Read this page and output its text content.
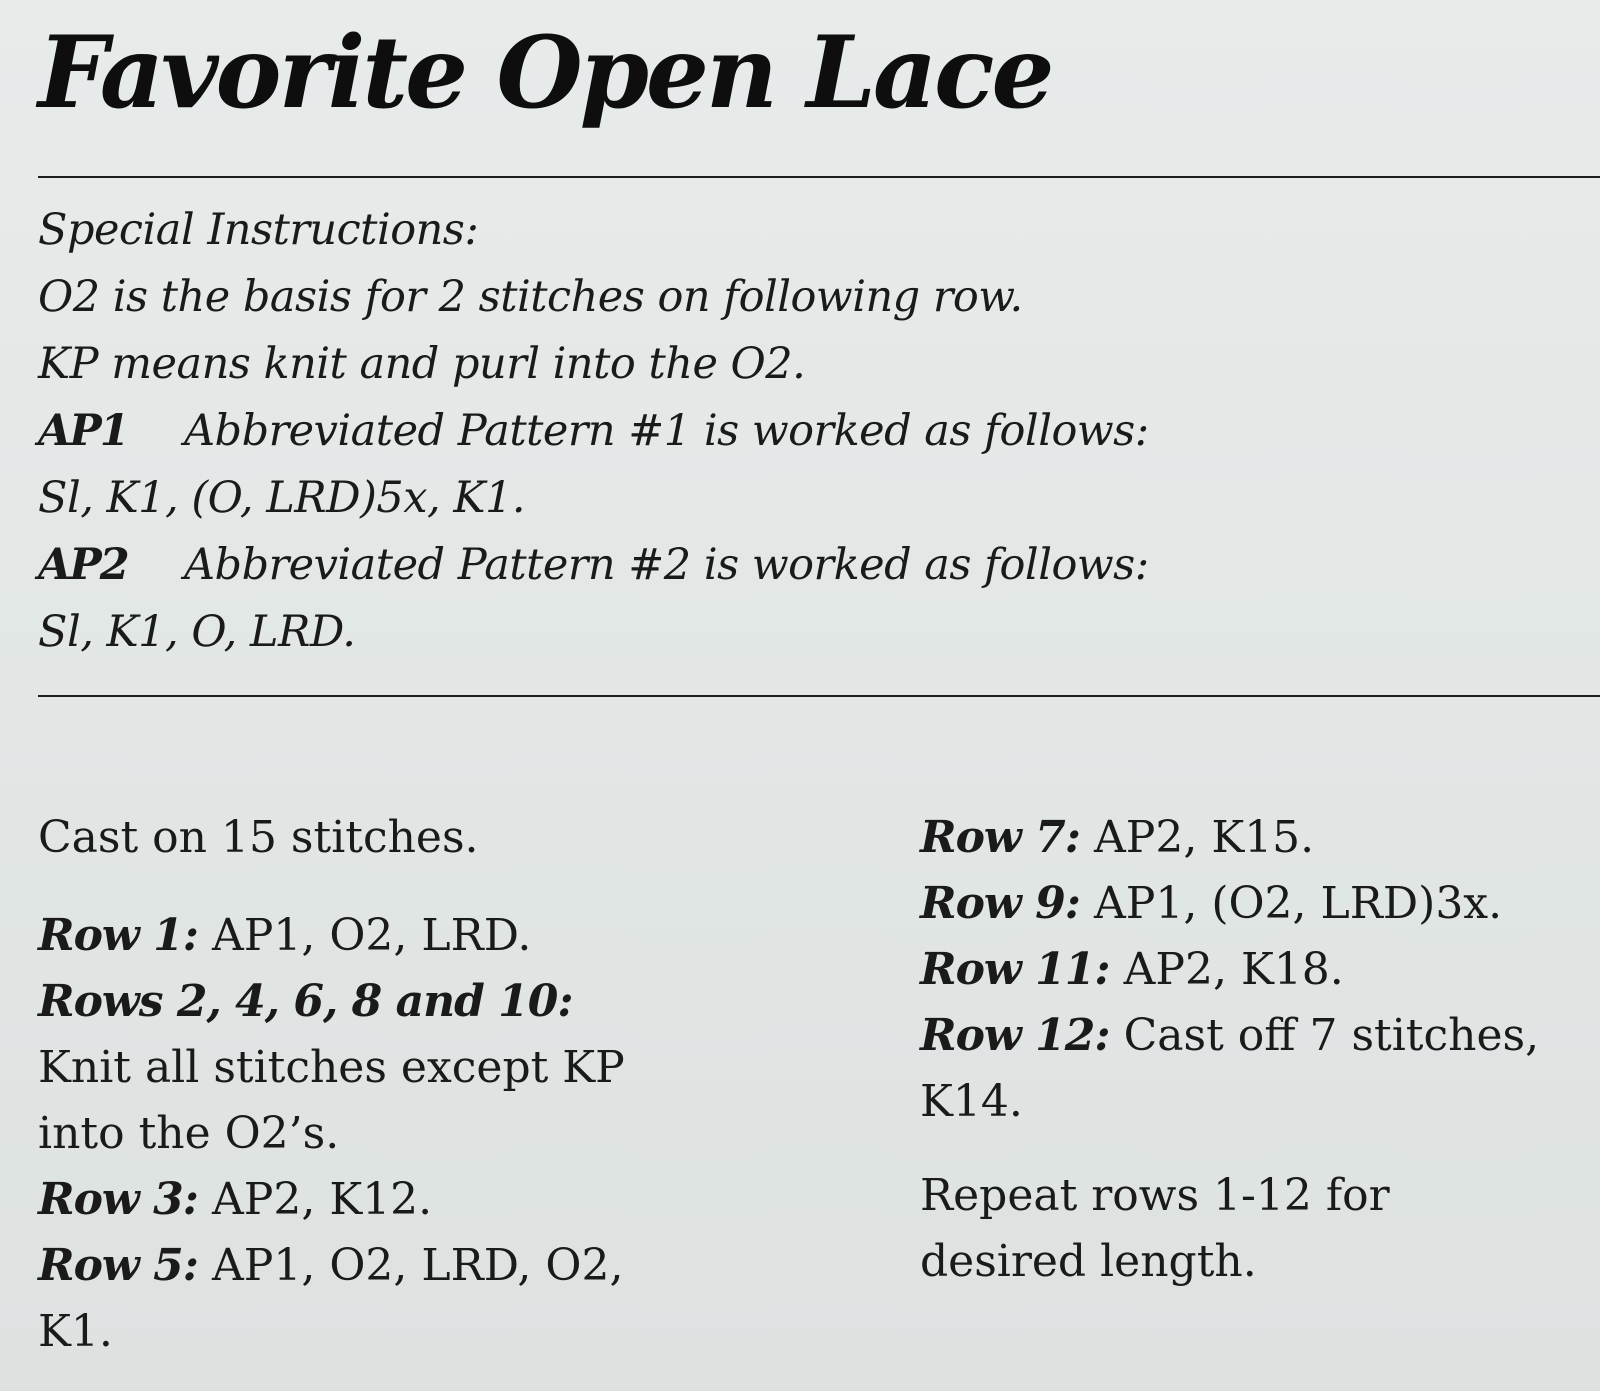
Favorite Open Lace
Special Instructions:
O2 is the basis for 2 stitches on following row.
KP means knit and purl into the O2.
AP1 Abbreviated Pattern #1 is worked as follows:
Sl, K1, (O, LRD)5x, K1.
AP2 Abbreviated Pattern #2 is worked as follows:
Sl, K1, O, LRD.
Cast on 15 stitches.
Row 1: AP1, O2, LRD.
Rows 2, 4, 6, 8 and 10:
Knit all stitches except KP
into the O2’s.
Row 3: AP2, K12.
Row 5: AP1, O2, LRD, O2,
K1.
Row 7: AP2, K15.
Row 9: AP1, (O2, LRD)3x.
Row 11: AP2, K18.
Row 12: Cast off 7 stitches,
K14.
Repeat rows 1-12 for
desired length.
